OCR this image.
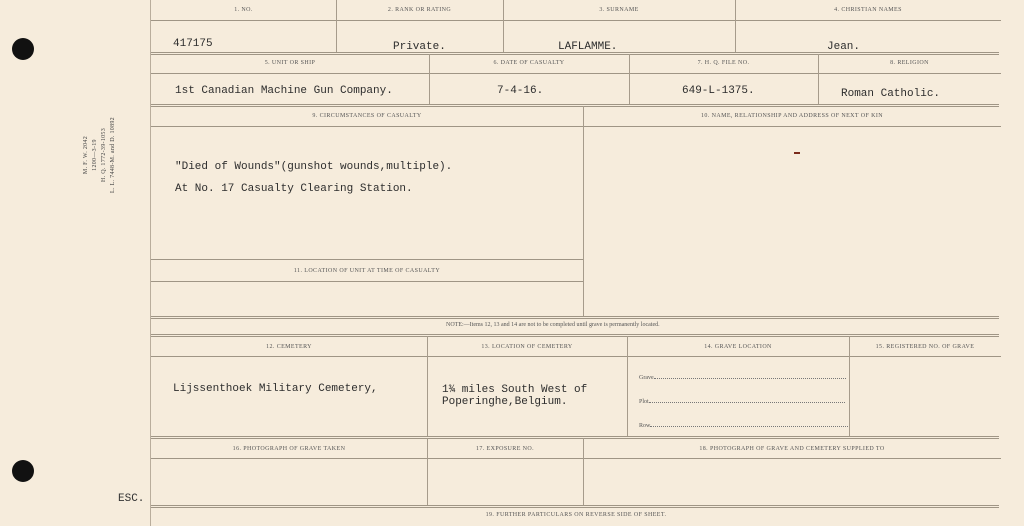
M. F. W. 2042 1200—3-19 H. Q. 1772-39-1053 L. L. 7448-M. and D. 10892
ESC.
1. NO.	2. RANK OR RATING	3. SURNAME	4. CHRISTIAN NAMES
417175	Private.	LAFLAMME.	Jean.
5. UNIT OR SHIP	6. DATE OF CASUALTY	7. H. Q. FILE NO.	8. RELIGION
1st Canadian Machine Gun Company.	7-4-16.	649-L-1375.	Roman Catholic.
9. CIRCUMSTANCES OF CASUALTY	10. NAME, RELATIONSHIP AND ADDRESS OF NEXT OF KIN
"Died of Wounds"(gunshot wounds,multiple).
At No. 17 Casualty Clearing Station.
11. LOCATION OF UNIT AT TIME OF CASUALTY
NOTE:—Items 12, 13 and 14 are not to be completed until grave is permanently located.
12. CEMETERY	13. LOCATION OF CEMETERY	14. GRAVE LOCATION	15. REGISTERED NO. OF GRAVE
Lijssenthoek Military Cemetery,	1¾ miles South West of
Poperinghe,Belgium.
Grave
Plot
Row
16. PHOTOGRAPH OF GRAVE TAKEN	17. EXPOSURE NO.	18. PHOTOGRAPH OF GRAVE AND CEMETERY SUPPLIED TO
19. FURTHER PARTICULARS ON REVERSE SIDE OF SHEET.
